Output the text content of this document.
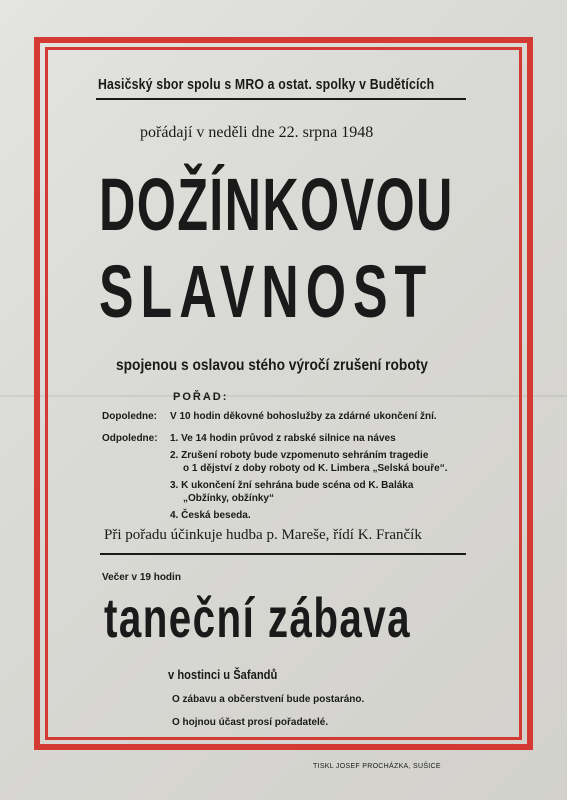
Hasičský sbor spolu s MRO a ostat. spolky v Budětících
pořádají v neděli dne 22. srpna 1948
DOŽÍNKOVOU
SLAVNOST
spojenou s oslavou stého výročí zrušení roboty
POŘAD:
Dopoledne: V 10 hodin děkovné bohoslužby za zdárné ukončení žní.
Odpoledne: 1. Ve 14 hodin průvod z rabské silnice na náves
2. Zrušení roboty bude vzpomenuto sehráním tragedie
o 1 dějství z doby roboty od K. Limbera „Selská bouře“.
3. K ukončení žní sehrána bude scéna od K. Baláka
„Obžínky, obžínky“
4. Česká beseda.
Při pořadu účinkuje hudba p. Mareše, řídí K. Frančík
Večer v 19 hodin
taneční zábava
v hostinci u Šafandů
O zábavu a občerstvení bude postaráno.
O hojnou účast prosí pořadatelé.
TISKL JOSEF PROCHÁZKA, SUŠICE
